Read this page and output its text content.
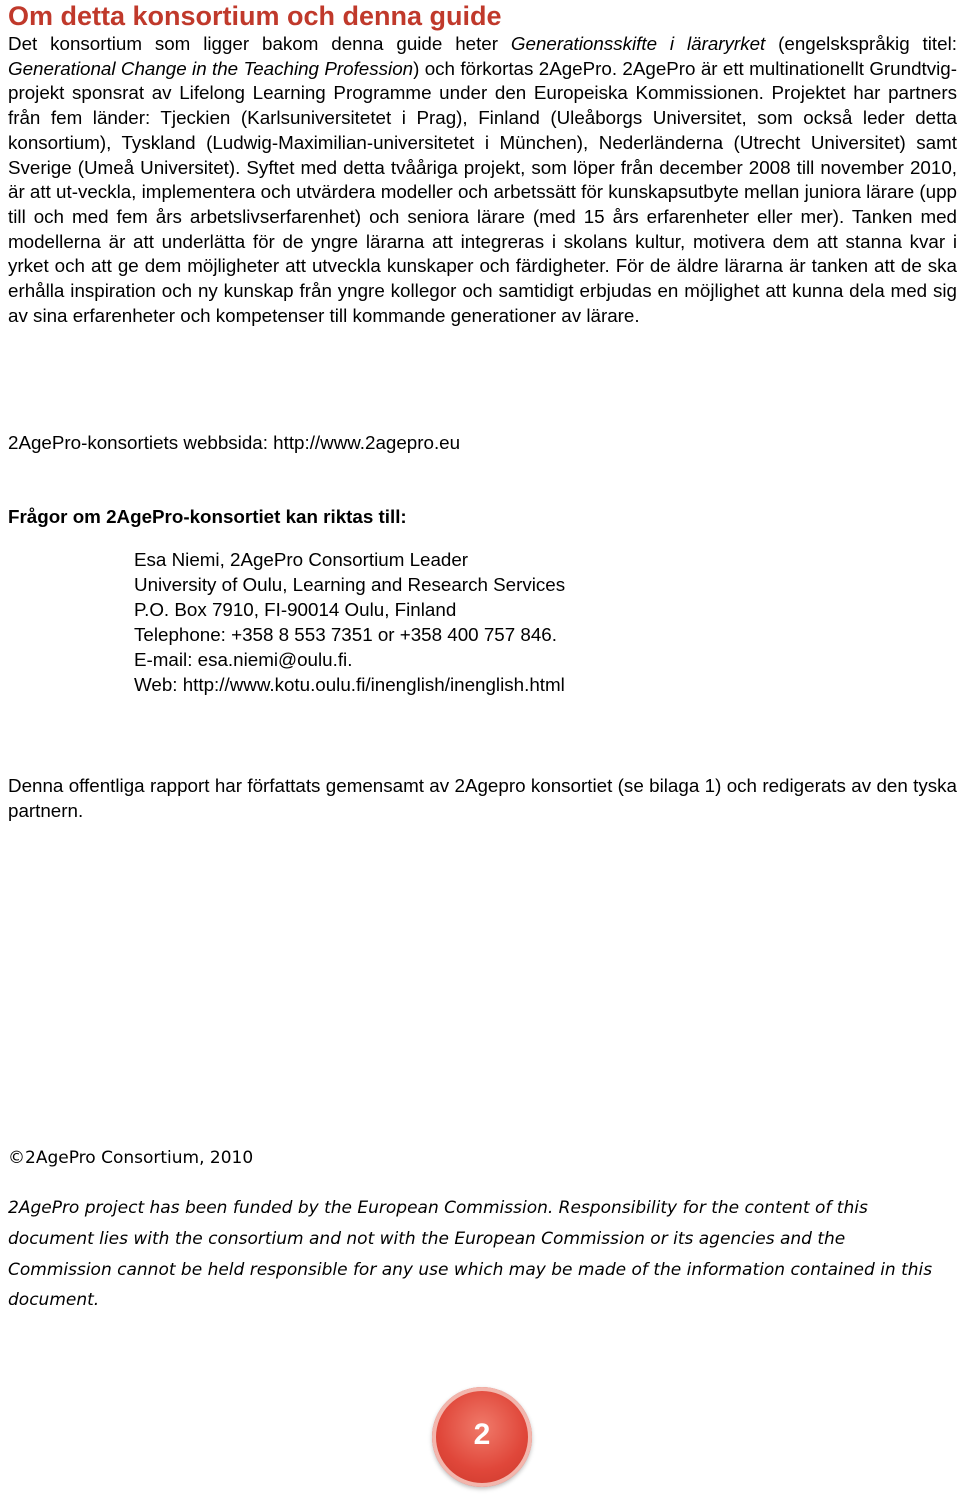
Om detta konsortium och denna guide

Det konsortium som ligger bakom denna guide heter Generationsskifte i läraryrket (engelskspråkig titel: Generational Change in the Teaching Profession) och förkortas 2AgePro. 2AgePro är ett multinationellt Grundtvig-projekt sponsrat av Lifelong Learning Programme under den Europeiska Kommissionen. Projektet har partners från fem länder: Tjeckien (Karlsuniversitetet i Prag), Finland (Uleåborgs Universitet, som också leder detta konsortium), Tyskland (Ludwig-Maximilian-universitetet i München), Nederländerna (Utrecht Universitet) samt Sverige (Umeå Universitet). Syftet med detta tvååriga projekt, som löper från december 2008 till november 2010, är att ut-veckla, implementera och utvärdera modeller och arbetssätt för kunskapsutbyte mellan juniora lärare (upp till och med fem års arbetslivserfarenhet) och seniora lärare (med 15 års erfarenheter eller mer). Tanken med modellerna är att underlätta för de yngre lärarna att integreras i skolans kultur, motivera dem att stanna kvar i yrket och att ge dem möjligheter att utveckla kunskaper och färdigheter. För de äldre lärarna är tanken att de ska erhålla inspiration och ny kunskap från yngre kollegor och samtidigt erbjudas en möjlighet att kunna dela med sig av sina erfarenheter och kompetenser till kommande generationer av lärare.

2AgePro-konsortiets webbsida: http://www.2agepro.eu

Frågor om 2AgePro-konsortiet kan riktas till:

Esa Niemi, 2AgePro Consortium Leader
University of Oulu, Learning and Research Services
P.O. Box 7910, FI-90014 Oulu, Finland
Telephone: +358 8 553 7351 or +358 400 757 846.
E-mail: esa.niemi@oulu.fi.
Web: http://www.kotu.oulu.fi/inenglish/inenglish.html

Denna offentliga rapport har författats gemensamt av 2Agepro konsortiet (se bilaga 1) och redigerats av den tyska partnern.

©2AgePro Consortium, 2010

2AgePro project has been funded by the European Commission. Responsibility for the content of this document lies with the consortium and not with the European Commission or its agencies and the Commission cannot be held responsible for any use which may be made of the information contained in this document.

2
